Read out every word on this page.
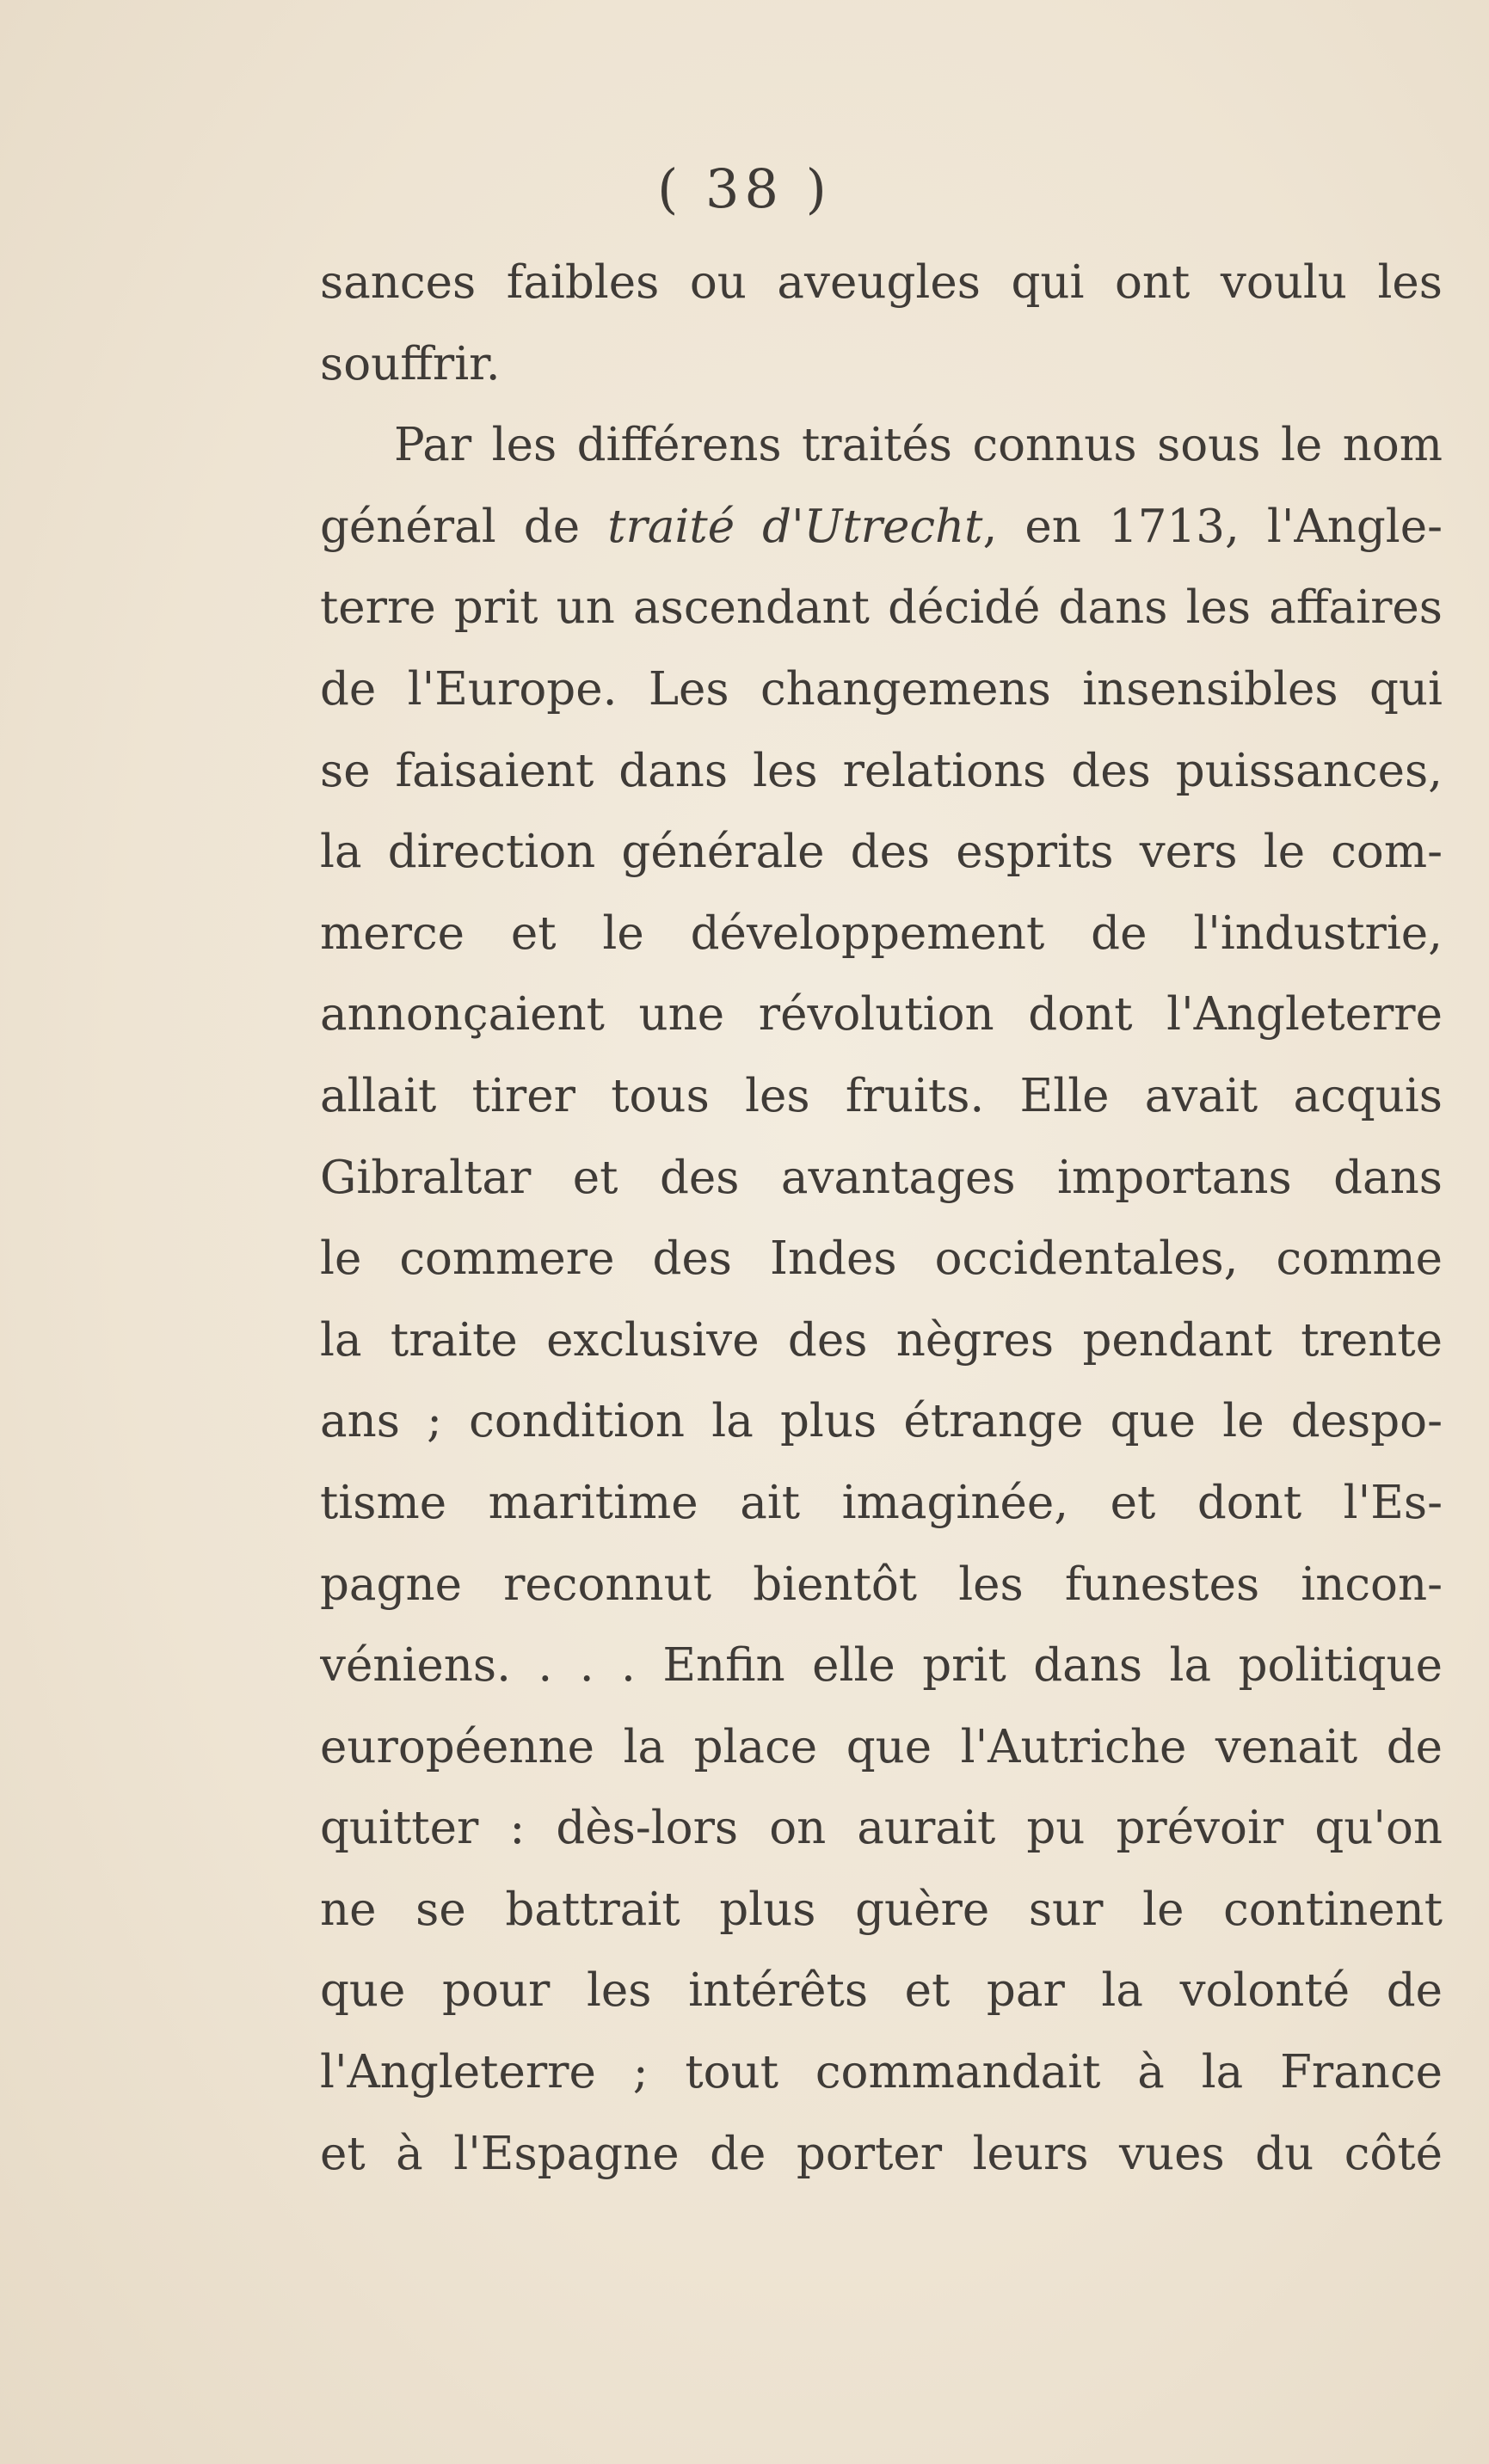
( 38 )
sances faibles ou aveugles qui ont voulu les
souffrir.
Par les différens traités connus sous le nom
général de traité d'Utrecht, en 1713, l'Angle-
terre prit un ascendant décidé dans les affaires
de l'Europe. Les changemens insensibles qui
se faisaient dans les relations des puissances,
la direction générale des esprits vers le com-
merce et le développement de l'industrie,
annonçaient une révolution dont l'Angleterre
allait tirer tous les fruits. Elle avait acquis
Gibraltar et des avantages importans dans
le commere des Indes occidentales, comme
la traite exclusive des nègres pendant trente
ans ; condition la plus étrange que le despo-
tisme maritime ait imaginée, et dont l'Es-
pagne reconnut bientôt les funestes incon-
véniens. . . . Enfin elle prit dans la politique
européenne la place que l'Autriche venait de
quitter : dès-lors on aurait pu prévoir qu'on
ne se battrait plus guère sur le continent
que pour les intérêts et par la volonté de
l'Angleterre ; tout commandait à la France
et à l'Espagne de porter leurs vues du côté
